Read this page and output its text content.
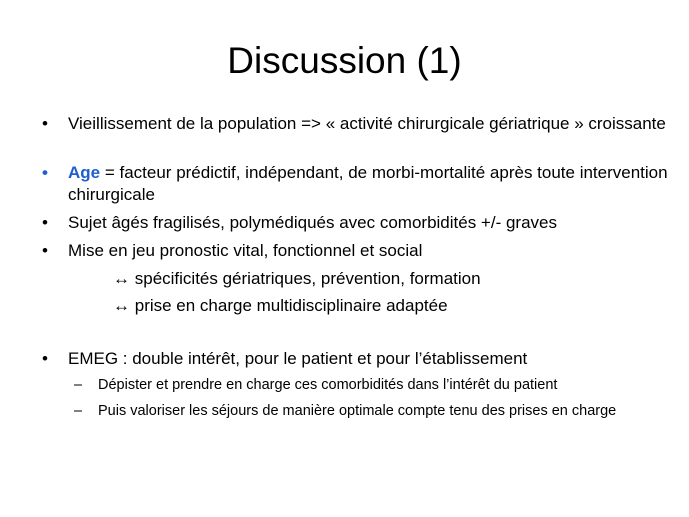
Discussion (1)
• Vieillissement de la population => « activité chirurgicale gériatrique » croissante
• Age = facteur prédictif, indépendant, de morbi-mortalité après toute intervention chirurgicale
• Sujet âgés fragilisés, polymédiqués avec comorbidités +/- graves
• Mise en jeu pronostic vital, fonctionnel et social
↔ spécificités gériatriques, prévention, formation
↔ prise en charge multidisciplinaire adaptée
• EMEG : double intérêt, pour le patient et pour l’établissement
– Dépister et prendre en charge ces comorbidités dans l’intérêt du patient
– Puis valoriser les séjours de manière optimale compte tenu des prises en charge
